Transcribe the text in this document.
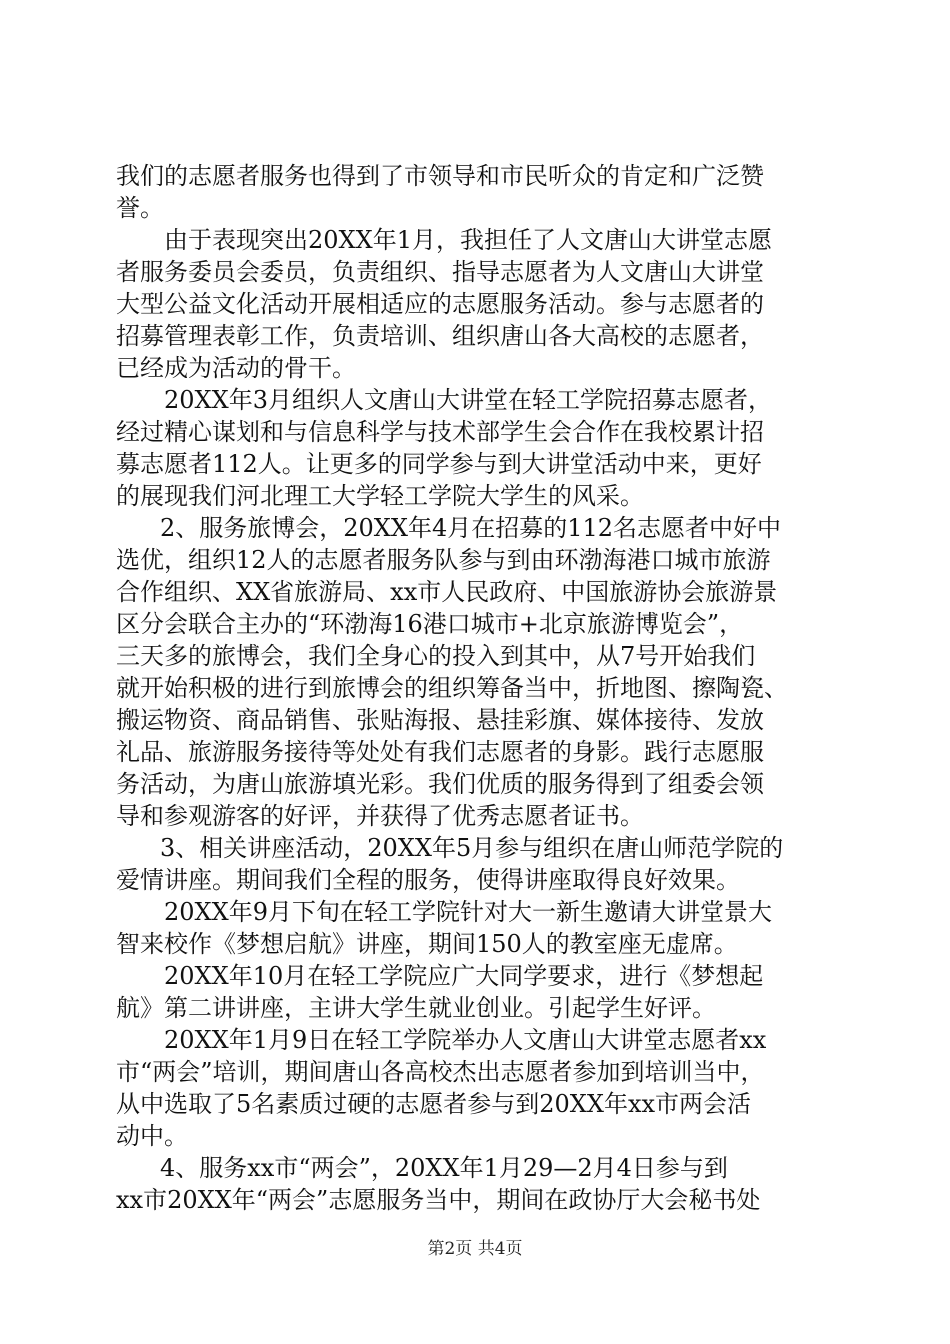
我们的志愿者服务也得到了市领导和市民听众的肯定和广泛赞
誉。
由于表现突出20XX年1月，我担任了人文唐山大讲堂志愿
者服务委员会委员，负责组织、指导志愿者为人文唐山大讲堂
大型公益文化活动开展相适应的志愿服务活动。参与志愿者的
招募管理表彰工作，负责培训、组织唐山各大高校的志愿者，
已经成为活动的骨干。
20XX年3月组织人文唐山大讲堂在轻工学院招募志愿者，
经过精心谋划和与信息科学与技术部学生会合作在我校累计招
募志愿者112人。让更多的同学参与到大讲堂活动中来，更好
的展现我们河北理工大学轻工学院大学生的风采。
2、服务旅博会，20XX年4月在招募的112名志愿者中好中
选优，组织12人的志愿者服务队参与到由环渤海港口城市旅游
合作组织、XX省旅游局、xx市人民政府、中国旅游协会旅游景
区分会联合主办的“环渤海16港口城市+北京旅游博览会”，
三天多的旅博会，我们全身心的投入到其中，从7号开始我们
就开始积极的进行到旅博会的组织筹备当中，折地图、擦陶瓷、
搬运物资、商品销售、张贴海报、悬挂彩旗、媒体接待、发放
礼品、旅游服务接待等处处有我们志愿者的身影。践行志愿服
务活动，为唐山旅游填光彩。我们优质的服务得到了组委会领
导和参观游客的好评，并获得了优秀志愿者证书。
3、相关讲座活动，20XX年5月参与组织在唐山师范学院的
爱情讲座。期间我们全程的服务，使得讲座取得良好效果。
20XX年9月下旬在轻工学院针对大一新生邀请大讲堂景大
智来校作《梦想启航》讲座，期间150人的教室座无虚席。
20XX年10月在轻工学院应广大同学要求，进行《梦想起
航》第二讲讲座，主讲大学生就业创业。引起学生好评。
20XX年1月9日在轻工学院举办人文唐山大讲堂志愿者xx
市“两会”培训，期间唐山各高校杰出志愿者参加到培训当中，
从中选取了5名素质过硬的志愿者参与到20XX年xx市两会活
动中。
4、服务xx市“两会”，20XX年1月29—2月4日参与到
xx市20XX年“两会”志愿服务当中，期间在政协厅大会秘书处
第2页 共4页
